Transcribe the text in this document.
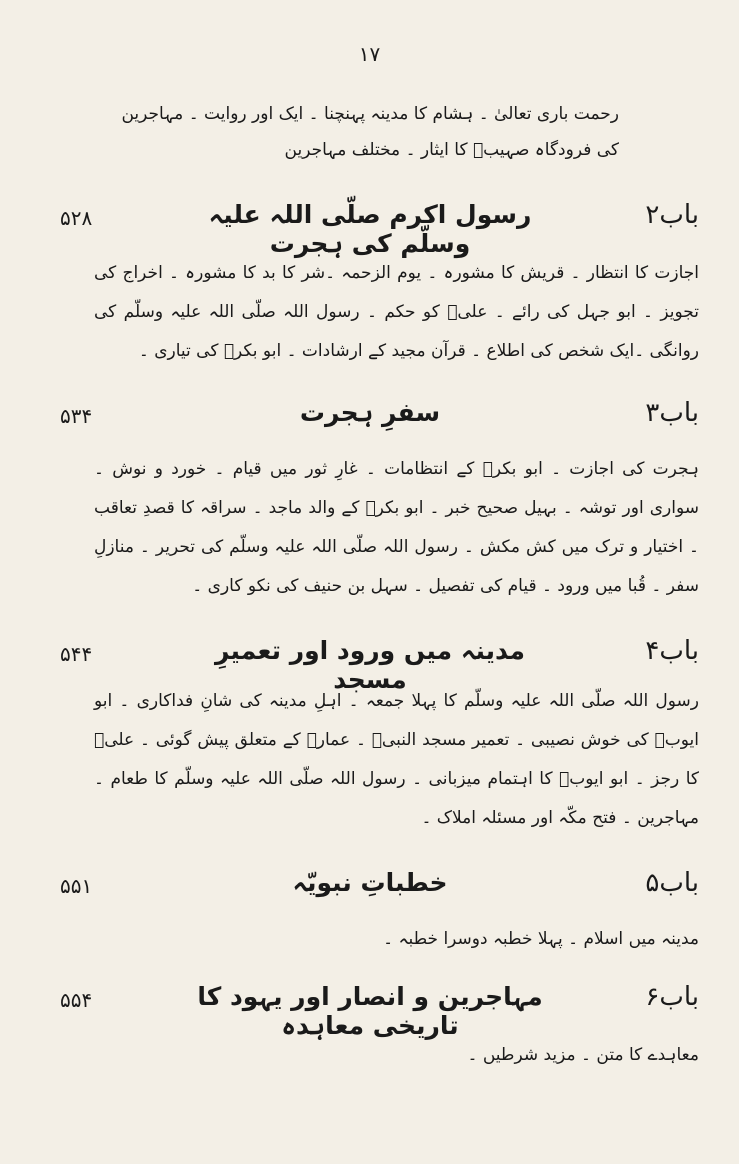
۱۷
رحمت باری تعالیٰ ۔ ہشام کا مدینہ پہنچنا ۔ ایک اور روایت ۔ مہاجرین کی فرودگاہ صہیبؓ کا ایثار ۔ مختلف مہاجرین
باب۲
رسول اکرم صلّی اللہ علیہ وسلّم کی ہجرت
۵۲۸
اجازت کا انتظار ۔ قریش کا مشورہ ۔ یوم الزحمہ ۔شر کا بد کا مشورہ ۔ اخراج کی تجویز ۔ ابو جہل کی رائے ۔ علیؓ کو حکم ۔ رسول اللہ صلّی اللہ علیہ وسلّم کی روانگی ۔ایک شخص کی اطلاع ۔ قرآن مجید کے ارشادات ۔ ابو بکرؓ کی تیاری ۔
باب۳
سفرِ ہجرت
۵۳۴
ہجرت کی اجازت ۔ ابو بکرؓ کے انتظامات ۔ غارِ ثور میں قیام ۔ خورد و نوش ۔سواری اور توشہ ۔ بہیل صحیح خبر ۔ ابو بکرؓ کے والد ماجد ۔ سراقہ کا قصدِ تعاقب ۔ اختیار و ترک میں کش مکش ۔ رسول اللہ صلّی اللہ علیہ وسلّم کی تحریر ۔ منازلِ سفر ۔ قُبا میں ورود ۔ قیام کی تفصیل ۔ سہل بن حنیف کی نکو کاری ۔
باب۴
مدینہ میں ورود اور تعمیرِ مسجد
۵۴۴
رسول اللہ صلّی اللہ علیہ وسلّم کا پہلا جمعہ ۔ اہلِ مدینہ کی شانِ فداکاری ۔ ابو ایوبؓ کی خوش نصیبی ۔ تعمیر مسجد النبیؐ ۔ عمارؓ کے متعلق پیش گوئی ۔ علیؓ کا رجز ۔ ابو ایوبؓ کا اہتمام میزبانی ۔ رسول اللہ صلّی اللہ علیہ وسلّم کا طعام ۔ مہاجرین ۔ فتح مکّہ اور مسئلہ املاک ۔
باب۵
خطباتِ نبویّہ
۵۵۱
مدینہ میں اسلام ۔ پہلا خطبہ دوسرا خطبہ ۔
باب۶
مہاجرین و انصار اور یہود کا تاریخی معاہدہ
۵۵۴
معاہدے کا متن ۔ مزید شرطیں ۔
